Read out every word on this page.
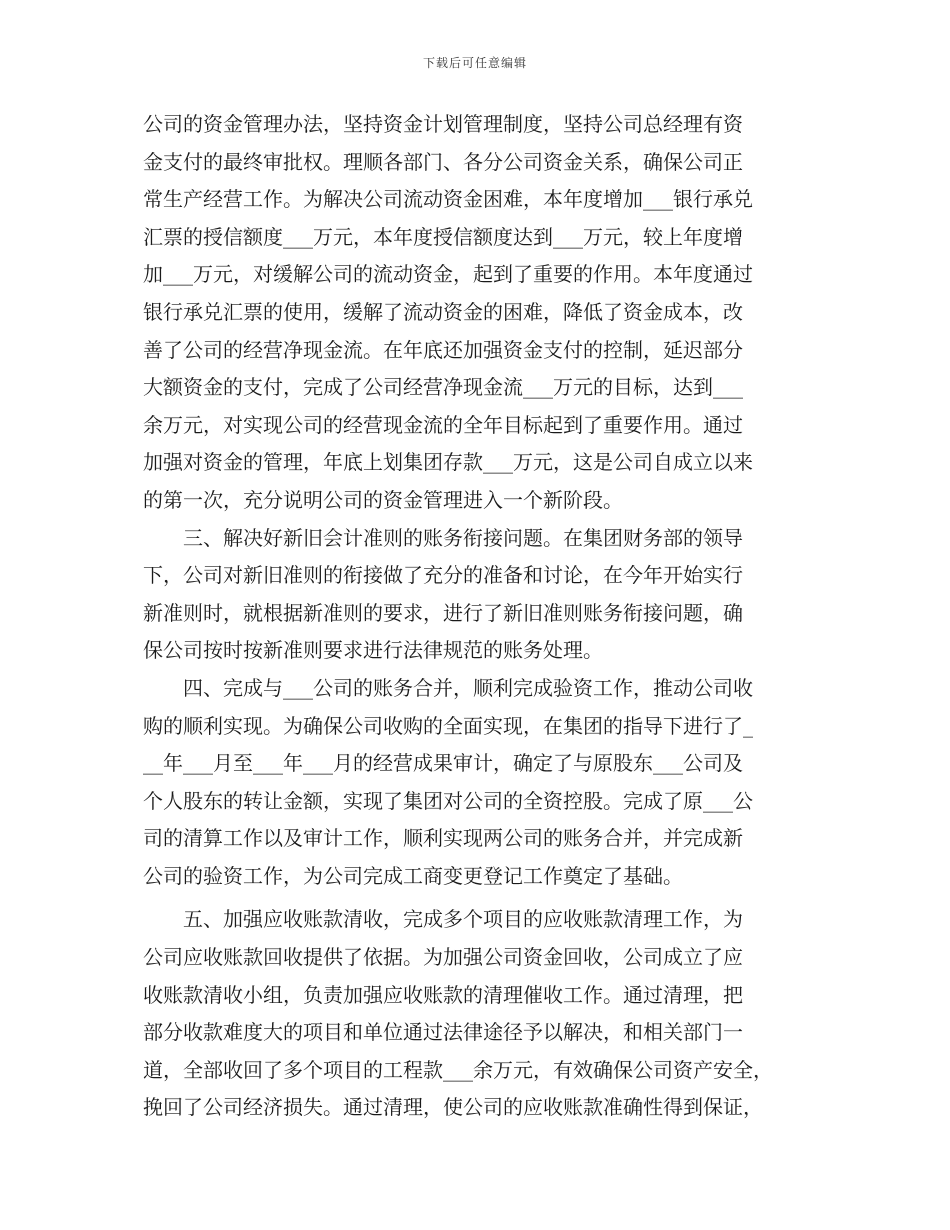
下载后可任意编辑
公司的资金管理办法，坚持资金计划管理制度，坚持公司总经理有资
金支付的最终审批权。理顺各部门、各分公司资金关系，确保公司正
常生产经营工作。为解决公司流动资金困难，本年度增加___银行承兑
汇票的授信额度___万元，本年度授信额度达到___万元，较上年度增
加___万元，对缓解公司的流动资金，起到了重要的作用。本年度通过
银行承兑汇票的使用，缓解了流动资金的困难，降低了资金成本，改
善了公司的经营净现金流。在年底还加强资金支付的控制，延迟部分
大额资金的支付，完成了公司经营净现金流___万元的目标，达到___
余万元，对实现公司的经营现金流的全年目标起到了重要作用。通过
加强对资金的管理，年底上划集团存款___万元，这是公司自成立以来
的第一次，充分说明公司的资金管理进入一个新阶段。
　　三、解决好新旧会计准则的账务衔接问题。在集团财务部的领导
下，公司对新旧准则的衔接做了充分的准备和讨论，在今年开始实行
新准则时，就根据新准则的要求，进行了新旧准则账务衔接问题，确
保公司按时按新准则要求进行法律规范的账务处理。
　　四、完成与___公司的账务合并，顺利完成验资工作，推动公司收
购的顺利实现。为确保公司收购的全面实现，在集团的指导下进行了_
__年___月至___年___月的经营成果审计，确定了与原股东___公司及
个人股东的转让金额，实现了集团对公司的全资控股。完成了原___公
司的清算工作以及审计工作，顺利实现两公司的账务合并，并完成新
公司的验资工作，为公司完成工商变更登记工作奠定了基础。
　　五、加强应收账款清收，完成多个项目的应收账款清理工作，为
公司应收账款回收提供了依据。为加强公司资金回收，公司成立了应
收账款清收小组，负责加强应收账款的清理催收工作。通过清理，把
部分收款难度大的项目和单位通过法律途径予以解决，和相关部门一
道，全部收回了多个项目的工程款___余万元，有效确保公司资产安全，
挽回了公司经济损失。通过清理，使公司的应收账款准确性得到保证，
